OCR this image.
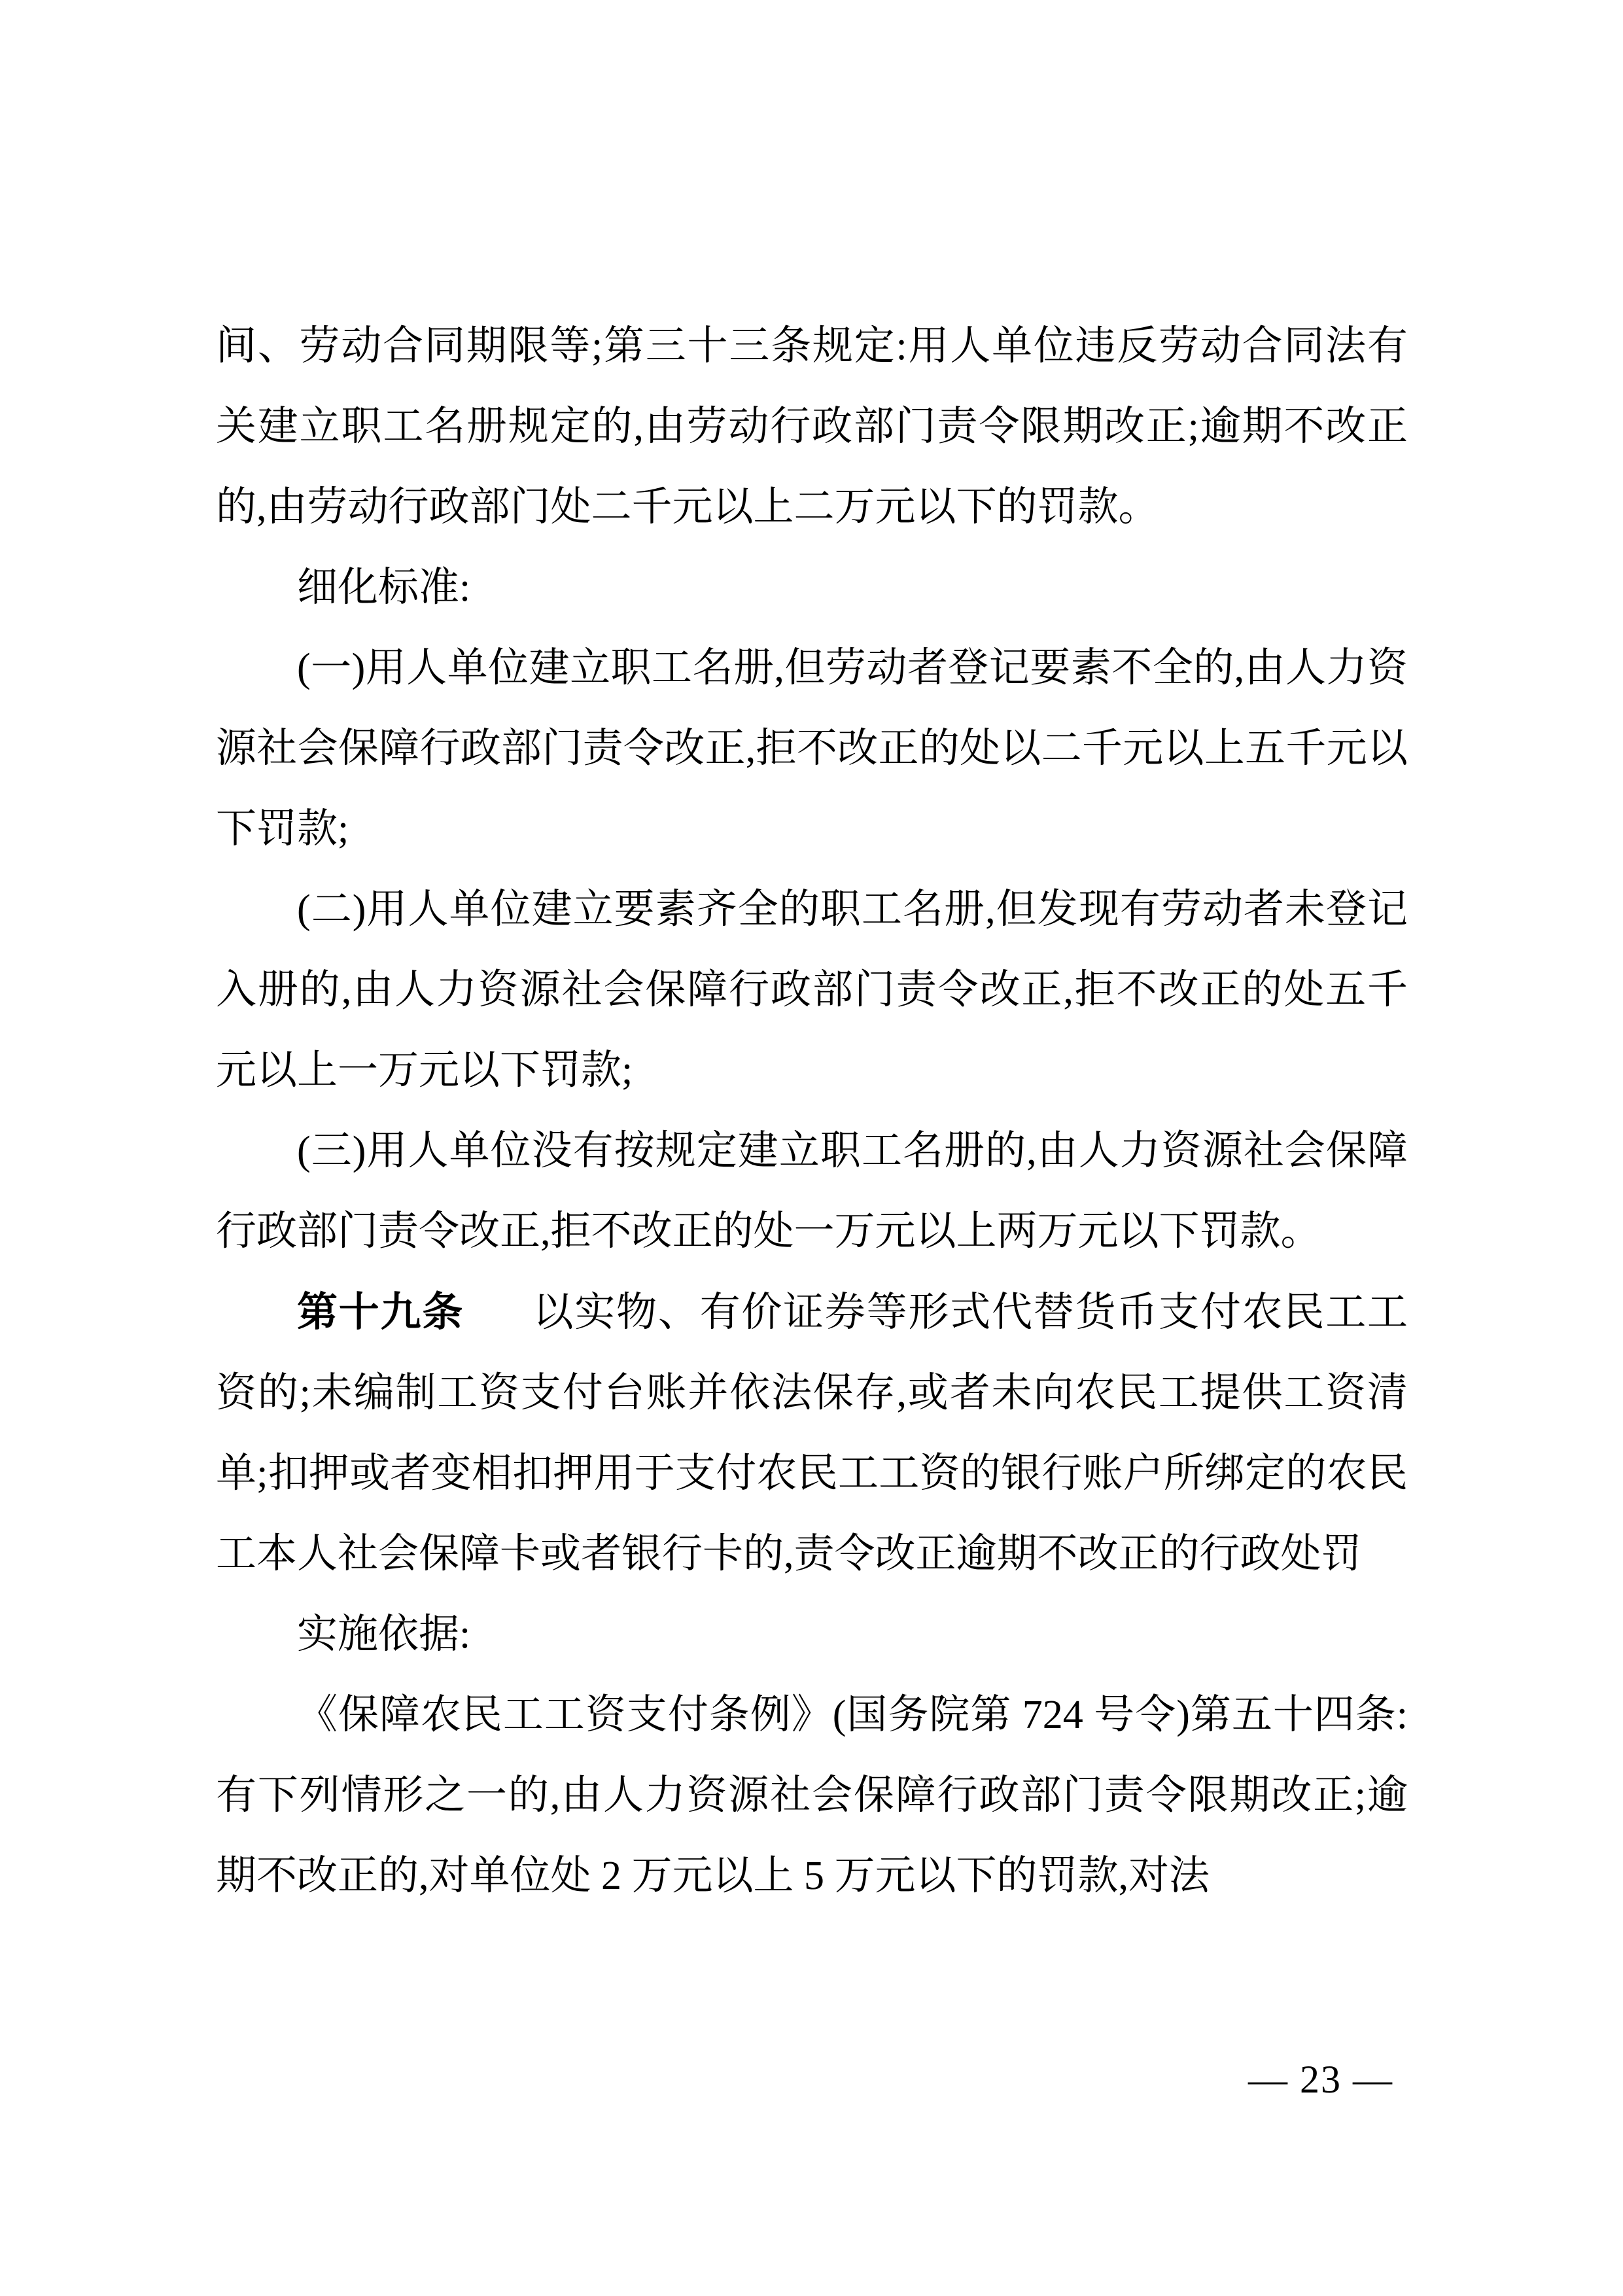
间、劳动合同期限等;第三十三条规定:用人单位违反劳动合同法有关建立职工名册规定的,由劳动行政部门责令限期改正;逾期不改正的,由劳动行政部门处二千元以上二万元以下的罚款。

细化标准:

(一)用人单位建立职工名册,但劳动者登记要素不全的,由人力资源社会保障行政部门责令改正,拒不改正的处以二千元以上五千元以下罚款;

(二)用人单位建立要素齐全的职工名册,但发现有劳动者未登记入册的,由人力资源社会保障行政部门责令改正,拒不改正的处五千元以上一万元以下罚款;

(三)用人单位没有按规定建立职工名册的,由人力资源社会保障行政部门责令改正,拒不改正的处一万元以上两万元以下罚款。

第十九条 以实物、有价证券等形式代替货币支付农民工工资的;未编制工资支付台账并依法保存,或者未向农民工提供工资清单;扣押或者变相扣押用于支付农民工工资的银行账户所绑定的农民工本人社会保障卡或者银行卡的,责令改正逾期不改正的行政处罚

实施依据:

《保障农民工工资支付条例》(国务院第 724 号令)第五十四条:有下列情形之一的,由人力资源社会保障行政部门责令限期改正;逾期不改正的,对单位处 2 万元以上 5 万元以下的罚款,对法

— 23 —
